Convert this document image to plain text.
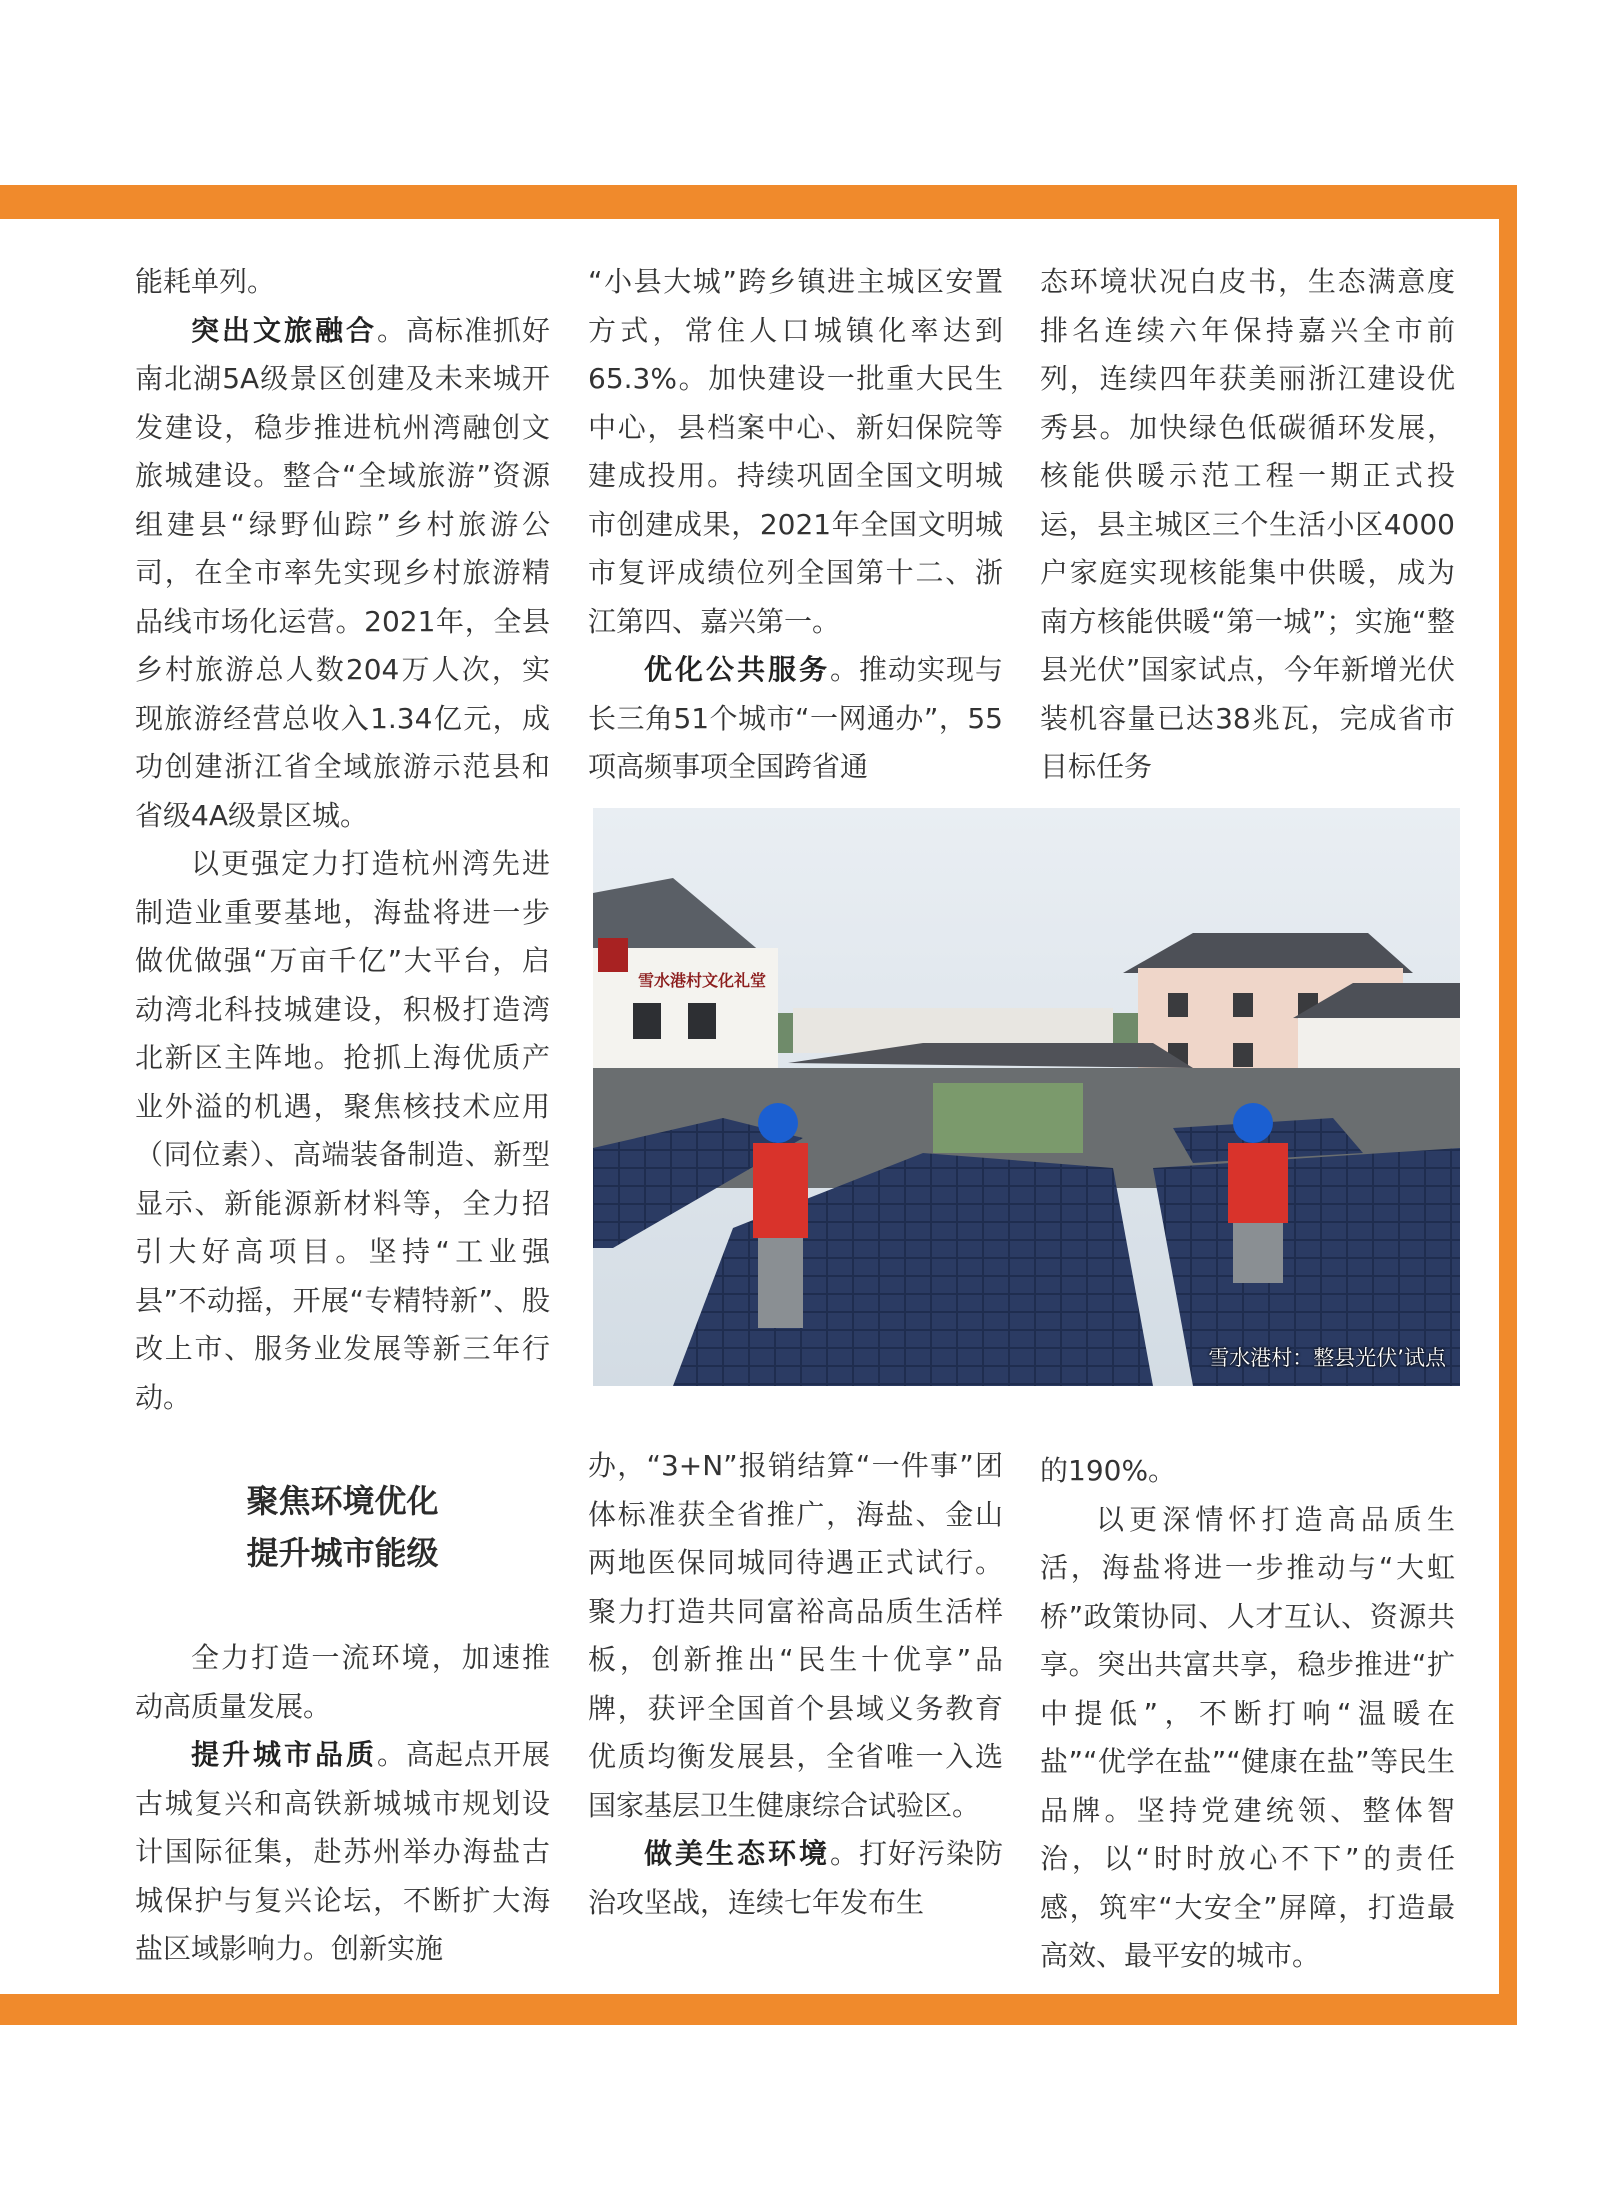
能耗单列。

突出文旅融合。高标准抓好南北湖5A级景区创建及未来城开发建设，稳步推进杭州湾融创文旅城建设。整合“全域旅游”资源组建县“绿野仙踪”乡村旅游公司，在全市率先实现乡村旅游精品线市场化运营。2021年，全县乡村旅游总人数204万人次，实现旅游经营总收入1.34亿元，成功创建浙江省全域旅游示范县和省级4A级景区城。

以更强定力打造杭州湾先进制造业重要基地，海盐将进一步做优做强“万亩千亿”大平台，启动湾北科技城建设，积极打造湾北新区主阵地。抢抓上海优质产业外溢的机遇，聚焦核技术应用（同位素）、高端装备制造、新型显示、新能源新材料等，全力招引大好高项目。坚持“工业强县”不动摇，开展“专精特新”、股改上市、服务业发展等新三年行动。

聚焦环境优化

提升城市能级

全力打造一流环境，加速推动高质量发展。

提升城市品质。高起点开展古城复兴和高铁新城城市规划设计国际征集，赴苏州举办海盐古城保护与复兴论坛，不断扩大海盐区域影响力。创新实施

“小县大城”跨乡镇进主城区安置方式，常住人口城镇化率达到65.3%。加快建设一批重大民生中心，县档案中心、新妇保院等建成投用。持续巩固全国文明城市创建成果，2021年全国文明城市复评成绩位列全国第十二、浙江第四、嘉兴第一。

优化公共服务。推动实现与长三角51个城市“一网通办”，55项高频事项全国跨省通

办，“3+N”报销结算“一件事”团体标准获全省推广，海盐、金山两地医保同城同待遇正式试行。聚力打造共同富裕高品质生活样板，创新推出“民生十优享”品牌，获评全国首个县域义务教育优质均衡发展县，全省唯一入选国家基层卫生健康综合试验区。

做美生态环境。打好污染防治攻坚战，连续七年发布生

态环境状况白皮书，生态满意度排名连续六年保持嘉兴全市前列，连续四年获美丽浙江建设优秀县。加快绿色低碳循环发展，核能供暖示范工程一期正式投运，县主城区三个生活小区4000户家庭实现核能集中供暖，成为南方核能供暖“第一城”；实施“整县光伏”国家试点，今年新增光伏装机容量已达38兆瓦，完成省市目标任务

的190%。

以更深情怀打造高品质生活，海盐将进一步推动与“大虹桥”政策协同、人才互认、资源共享。突出共富共享，稳步推进“扩中提低”，不断打响“温暖在盐”“优学在盐”“健康在盐”等民生品牌。坚持党建统领、整体智治，以“时时放心不下”的责任感，筑牢“大安全”屏障，打造最高效、最平安的城市。

雪水港村文化礼堂
雪水港村：整县光伏’试点
